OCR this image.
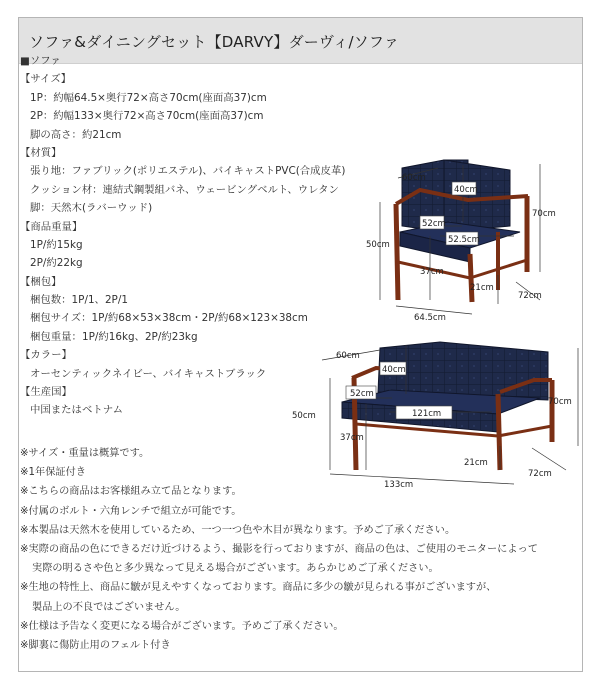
ソファ&ダイニングセット【DARVY】ダーヴィ/ソファ
■ソファ
【サイズ】
1P：約幅64.5×奥行72×高さ70cm(座面高37)cm
2P：約幅133×奥行72×高さ70cm(座面高37)cm
脚の高さ：約21cm
【材質】
張り地：ファブリック(ポリエステル)、バイキャストPVC(合成皮革)
クッション材：連結式鋼製組バネ、ウェービングベルト、ウレタン
脚：天然木(ラバーウッド)
【商品重量】
1P/約15kg
2P/約22kg
【梱包】
梱包数：1P/1、2P/1
梱包サイズ：1P/約68×53×38cm・2P/約68×123×38cm
梱包重量：1P/約16kg、2P/約23kg
【カラー】
オーセンティックネイビー、バイキャストブラック
【生産国】
中国またはベトナム
※サイズ・重量は概算です。
※1年保証付き
※こちらの商品はお客様組み立て品となります。
※付属のボルト・六角レンチで組立が可能です。
※本製品は天然木を使用しているため、一つ一つ色や木目が異なります。予めご了承ください。
※実際の商品の色にできるだけ近づけるよう、撮影を行っておりますが、商品の色は、ご使用のモニターによって
実際の明るさや色と多少異なって見える場合がございます。あらかじめご了承ください。
※生地の特性上、商品に皺が見えやすくなっております。商品に多少の皺が見られる事がございますが、
製品上の不良ではございません。
※仕様は予告なく変更になる場合がございます。予めご了承ください。
※脚裏に傷防止用のフェルト付き
60cm
40cm
70cm
52cm
52.5cm
50cm
37cm
21cm
72cm
64.5cm
60cm
40cm
70cm
52cm
121cm
50cm
37cm
21cm
72cm
133cm
